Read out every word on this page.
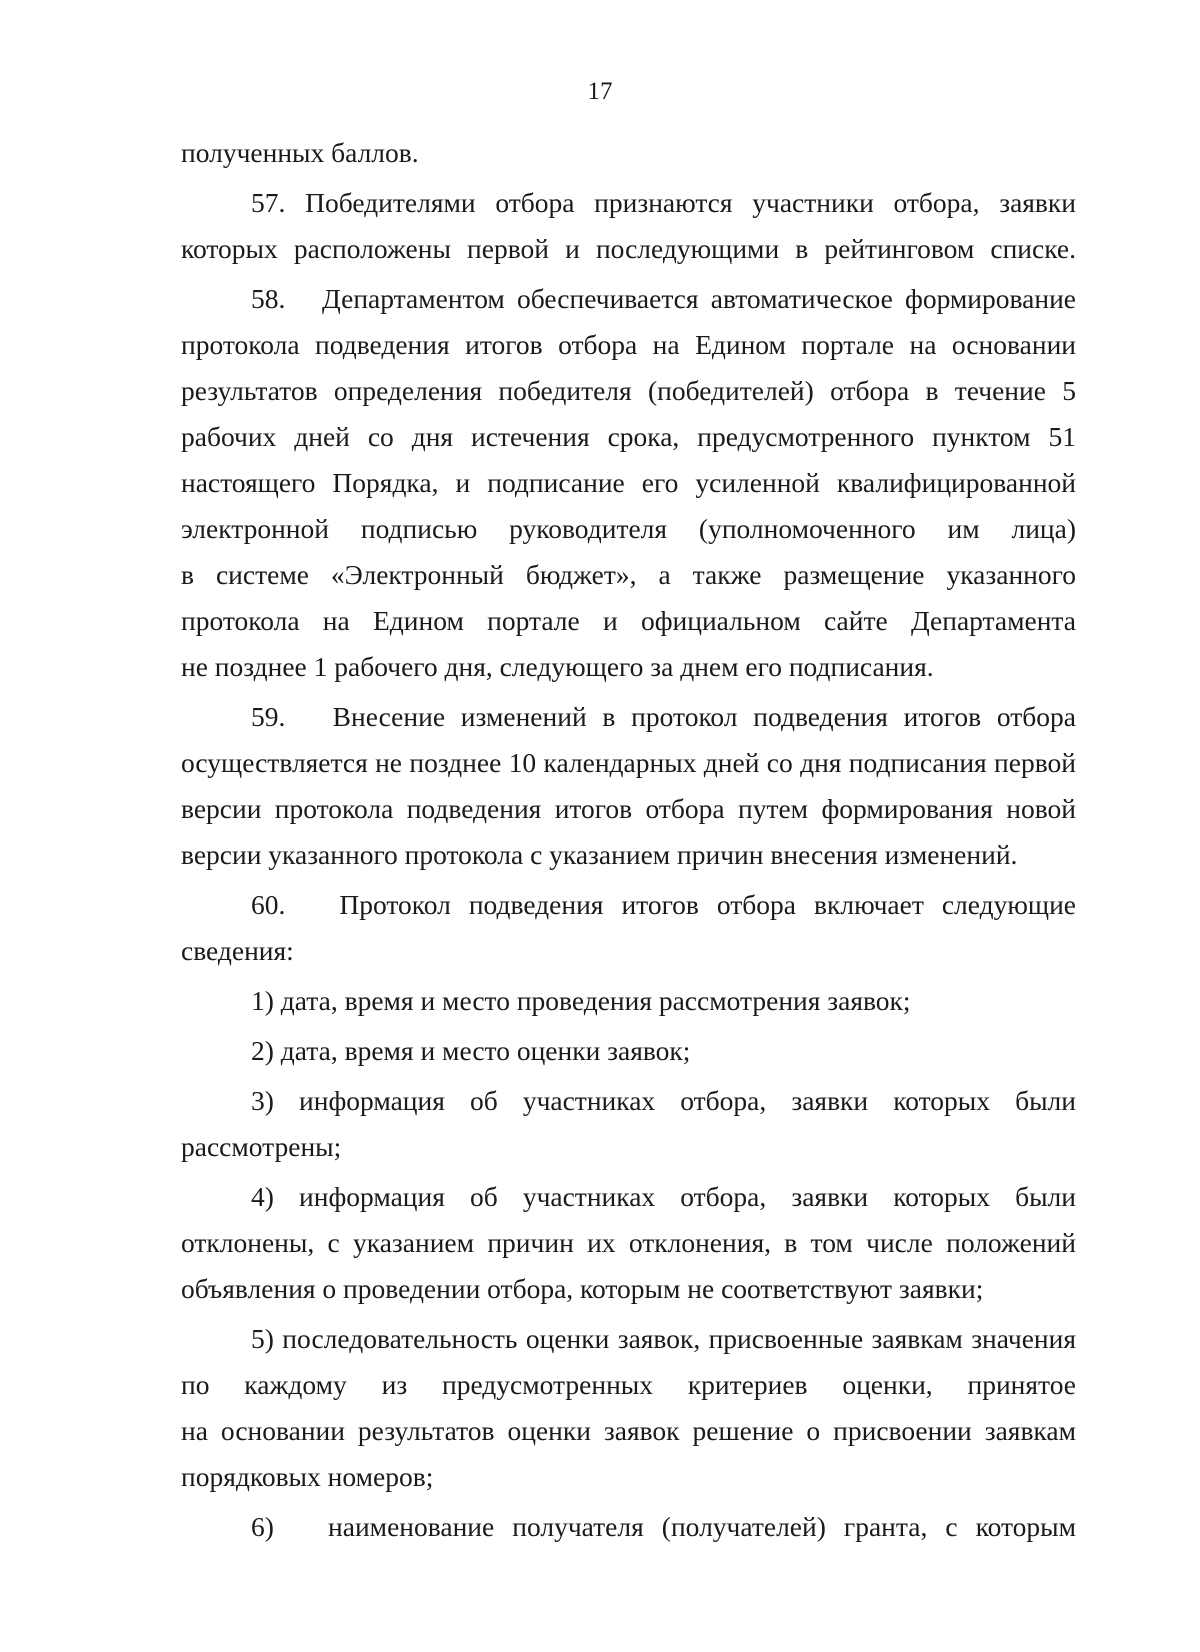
17
полученных баллов.
57. Победителями отбора признаются участники отбора, заявки
которых расположены первой и последующими в рейтинговом списке.
58.   Департаментом обеспечивается автоматическое формирование
протокола подведения итогов отбора на Едином портале на основании
результатов определения победителя (победителей) отбора в течение 5
рабочих дней со дня истечения срока, предусмотренного пунктом 51
настоящего Порядка, и подписание его усиленной квалифицированной
электронной подписью руководителя (уполномоченного им лица)
в системе «Электронный бюджет», а также размещение указанного
протокола на Едином портале и официальном сайте Департамента
не позднее 1 рабочего дня, следующего за днем его подписания.
59.   Внесение изменений в протокол подведения итогов отбора
осуществляется не позднее 10 календарных дней со дня подписания первой
версии протокола подведения итогов отбора путем формирования новой
версии указанного протокола с указанием причин внесения изменений.
60.   Протокол подведения итогов отбора включает следующие
сведения:
1) дата, время и место проведения рассмотрения заявок;
2) дата, время и место оценки заявок;
3) информация об участниках отбора, заявки которых были
рассмотрены;
4) информация об участниках отбора, заявки которых были
отклонены, с указанием причин их отклонения, в том числе положений
объявления о проведении отбора, которым не соответствуют заявки;
5) последовательность оценки заявок, присвоенные заявкам значения
по каждому из предусмотренных критериев оценки, принятое
на основании результатов оценки заявок решение о присвоении заявкам
порядковых номеров;
6)   наименование получателя (получателей) гранта, с которым
